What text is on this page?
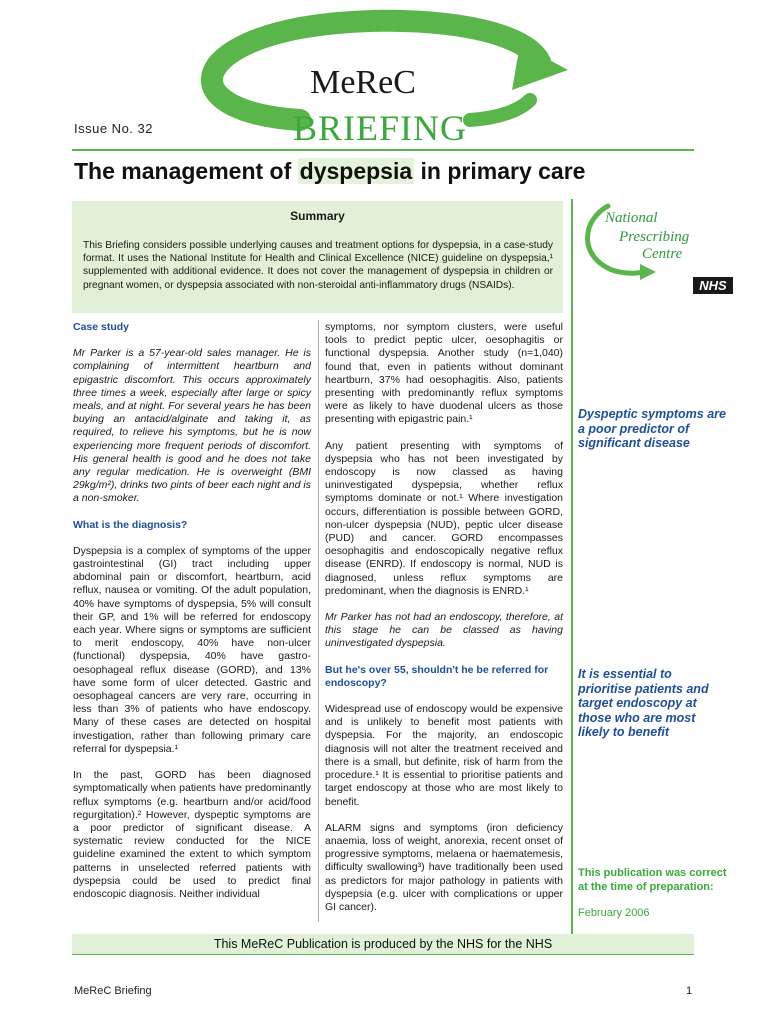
Issue No. 32
MeReC
BRIEFING
The management of dyspepsia in primary care
Summary

This Briefing considers possible underlying causes and treatment options for dyspepsia, in a case-study format. It uses the National Institute for Health and Clinical Excellence (NICE) guideline on dyspepsia,¹ supplemented with additional evidence. It does not cover the management of dyspepsia in children or pregnant women, or dyspepsia associated with non-steroidal anti-inflammatory drugs (NSAIDs).

National
Prescribing
Centre
NHS
Case study

Mr Parker is a 57-year-old sales manager. He is complaining of intermittent heartburn and epigastric discomfort. This occurs approximately three times a week, especially after large or spicy meals, and at night. For several years he has been buying an antacid/alginate and taking it, as required, to relieve his symptoms, but he is now experiencing more frequent periods of discomfort. His general health is good and he does not take any regular medication. He is overweight (BMI 29kg/m²), drinks two pints of beer each night and is a non-smoker.

What is the diagnosis?

Dyspepsia is a complex of symptoms of the upper gastrointestinal (GI) tract including upper abdominal pain or discomfort, heartburn, acid reflux, nausea or vomiting. Of the adult population, 40% have symptoms of dyspepsia, 5% will consult their GP, and 1% will be referred for endoscopy each year. Where signs or symptoms are sufficient to merit endoscopy, 40% have non-ulcer (functional) dyspepsia, 40% have gastro-oesophageal reflux disease (GORD), and 13% have some form of ulcer detected. Gastric and oesophageal cancers are very rare, occurring in less than 3% of patients who have endoscopy. Many of these cases are detected on hospital investigation, rather than following primary care referral for dyspepsia.¹

In the past, GORD has been diagnosed symptomatically when patients have predominantly reflux symptoms (e.g. heartburn and/or acid/food regurgitation).² However, dyspeptic symptoms are a poor predictor of significant disease. A systematic review conducted for the NICE guideline examined the extent to which symptom patterns in unselected referred patients with dyspepsia could be used to predict final endoscopic diagnosis. Neither individual

symptoms, nor symptom clusters, were useful tools to predict peptic ulcer, oesophagitis or functional dyspepsia. Another study (n=1,040) found that, even in patients without dominant heartburn, 37% had oesophagitis. Also, patients presenting with predominantly reflux symptoms were as likely to have duodenal ulcers as those presenting with epigastric pain.¹

Any patient presenting with symptoms of dyspepsia who has not been investigated by endoscopy is now classed as having uninvestigated dyspepsia, whether reflux symptoms dominate or not.¹ Where investigation occurs, differentiation is possible between GORD, non-ulcer dyspepsia (NUD), peptic ulcer disease (PUD) and cancer. GORD encompasses oesophagitis and endoscopically negative reflux disease (ENRD). If endoscopy is normal, NUD is diagnosed, unless reflux symptoms are predominant, when the diagnosis is ENRD.¹

Mr Parker has not had an endoscopy, therefore, at this stage he can be classed as having uninvestigated dyspepsia.

But he's over 55, shouldn't he be referred for endoscopy?

Widespread use of endoscopy would be expensive and is unlikely to benefit most patients with dyspepsia. For the majority, an endoscopic diagnosis will not alter the treatment received and there is a small, but definite, risk of harm from the procedure.¹ It is essential to prioritise patients and target endoscopy at those who are most likely to benefit.

ALARM signs and symptoms (iron deficiency anaemia, loss of weight, anorexia, recent onset of progressive symptoms, melaena or haematemesis, difficulty swallowing³) have traditionally been used as predictors for major pathology in patients with dyspepsia (e.g. ulcer with complications or upper GI cancer).

Dyspeptic symptoms are a poor predictor of significant disease
It is essential to prioritise patients and target endoscopy at those who are most likely to benefit
This publication was correct at the time of preparation:
February 2006
This MeReC Publication is produced by the NHS for the NHS
MeReC Briefing	1
